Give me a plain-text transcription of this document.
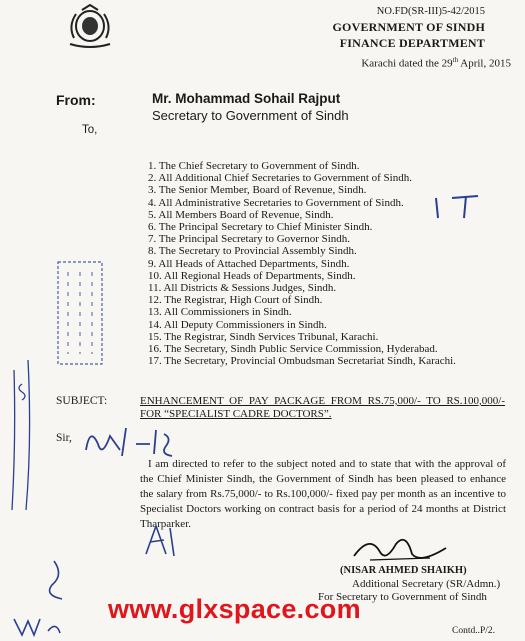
NO.FD(SR-III)5-42/2015
GOVERNMENT OF SINDH
FINANCE DEPARTMENT
Karachi dated the 29th April, 2015
From:	Mr. Mohammad Sohail Rajput
Secretary to Government of Sindh
To,
1. The Chief Secretary to Government of Sindh.
2. All Additional Chief Secretaries to Government of Sindh.
3. The Senior Member, Board of Revenue, Sindh.
4. All Administrative Secretaries to Government of Sindh.
5. All Members Board of Revenue, Sindh.
6. The Principal Secretary to Chief Minister Sindh.
7. The Principal Secretary to Governor Sindh.
8. The Secretary to Provincial Assembly Sindh.
9. All Heads of Attached Departments, Sindh.
10. All Regional Heads of Departments, Sindh.
11. All Districts & Sessions Judges, Sindh.
12. The Registrar, High Court of Sindh.
13. All Commissioners in Sindh.
14. All Deputy Commissioners in Sindh.
15. The Registrar, Sindh Services Tribunal, Karachi.
16. The Secretary, Sindh Public Service Commission, Hyderabad.
17. The Secretary, Provincial Ombudsman Secretariat Sindh, Karachi.
SUBJECT:	ENHANCEMENT OF PAY PACKAGE FROM RS.75,000/- TO RS.100,000/- FOR “SPECIALIST CADRE DOCTORS”.
Sir,
I am directed to refer to the subject noted and to state that with the approval of the Chief Minister Sindh, the Government of Sindh has been pleased to enhance the salary from Rs.75,000/- to Rs.100,000/- fixed pay per month as an incentive to Specialist Doctors working on contract basis for a period of 24 months at District Tharparker.
(NISAR AHMED SHAIKH)
Additional Secretary (SR/Admn.)
For Secretary to Government of Sindh
www.glxspace.com
Contd..P/2.
